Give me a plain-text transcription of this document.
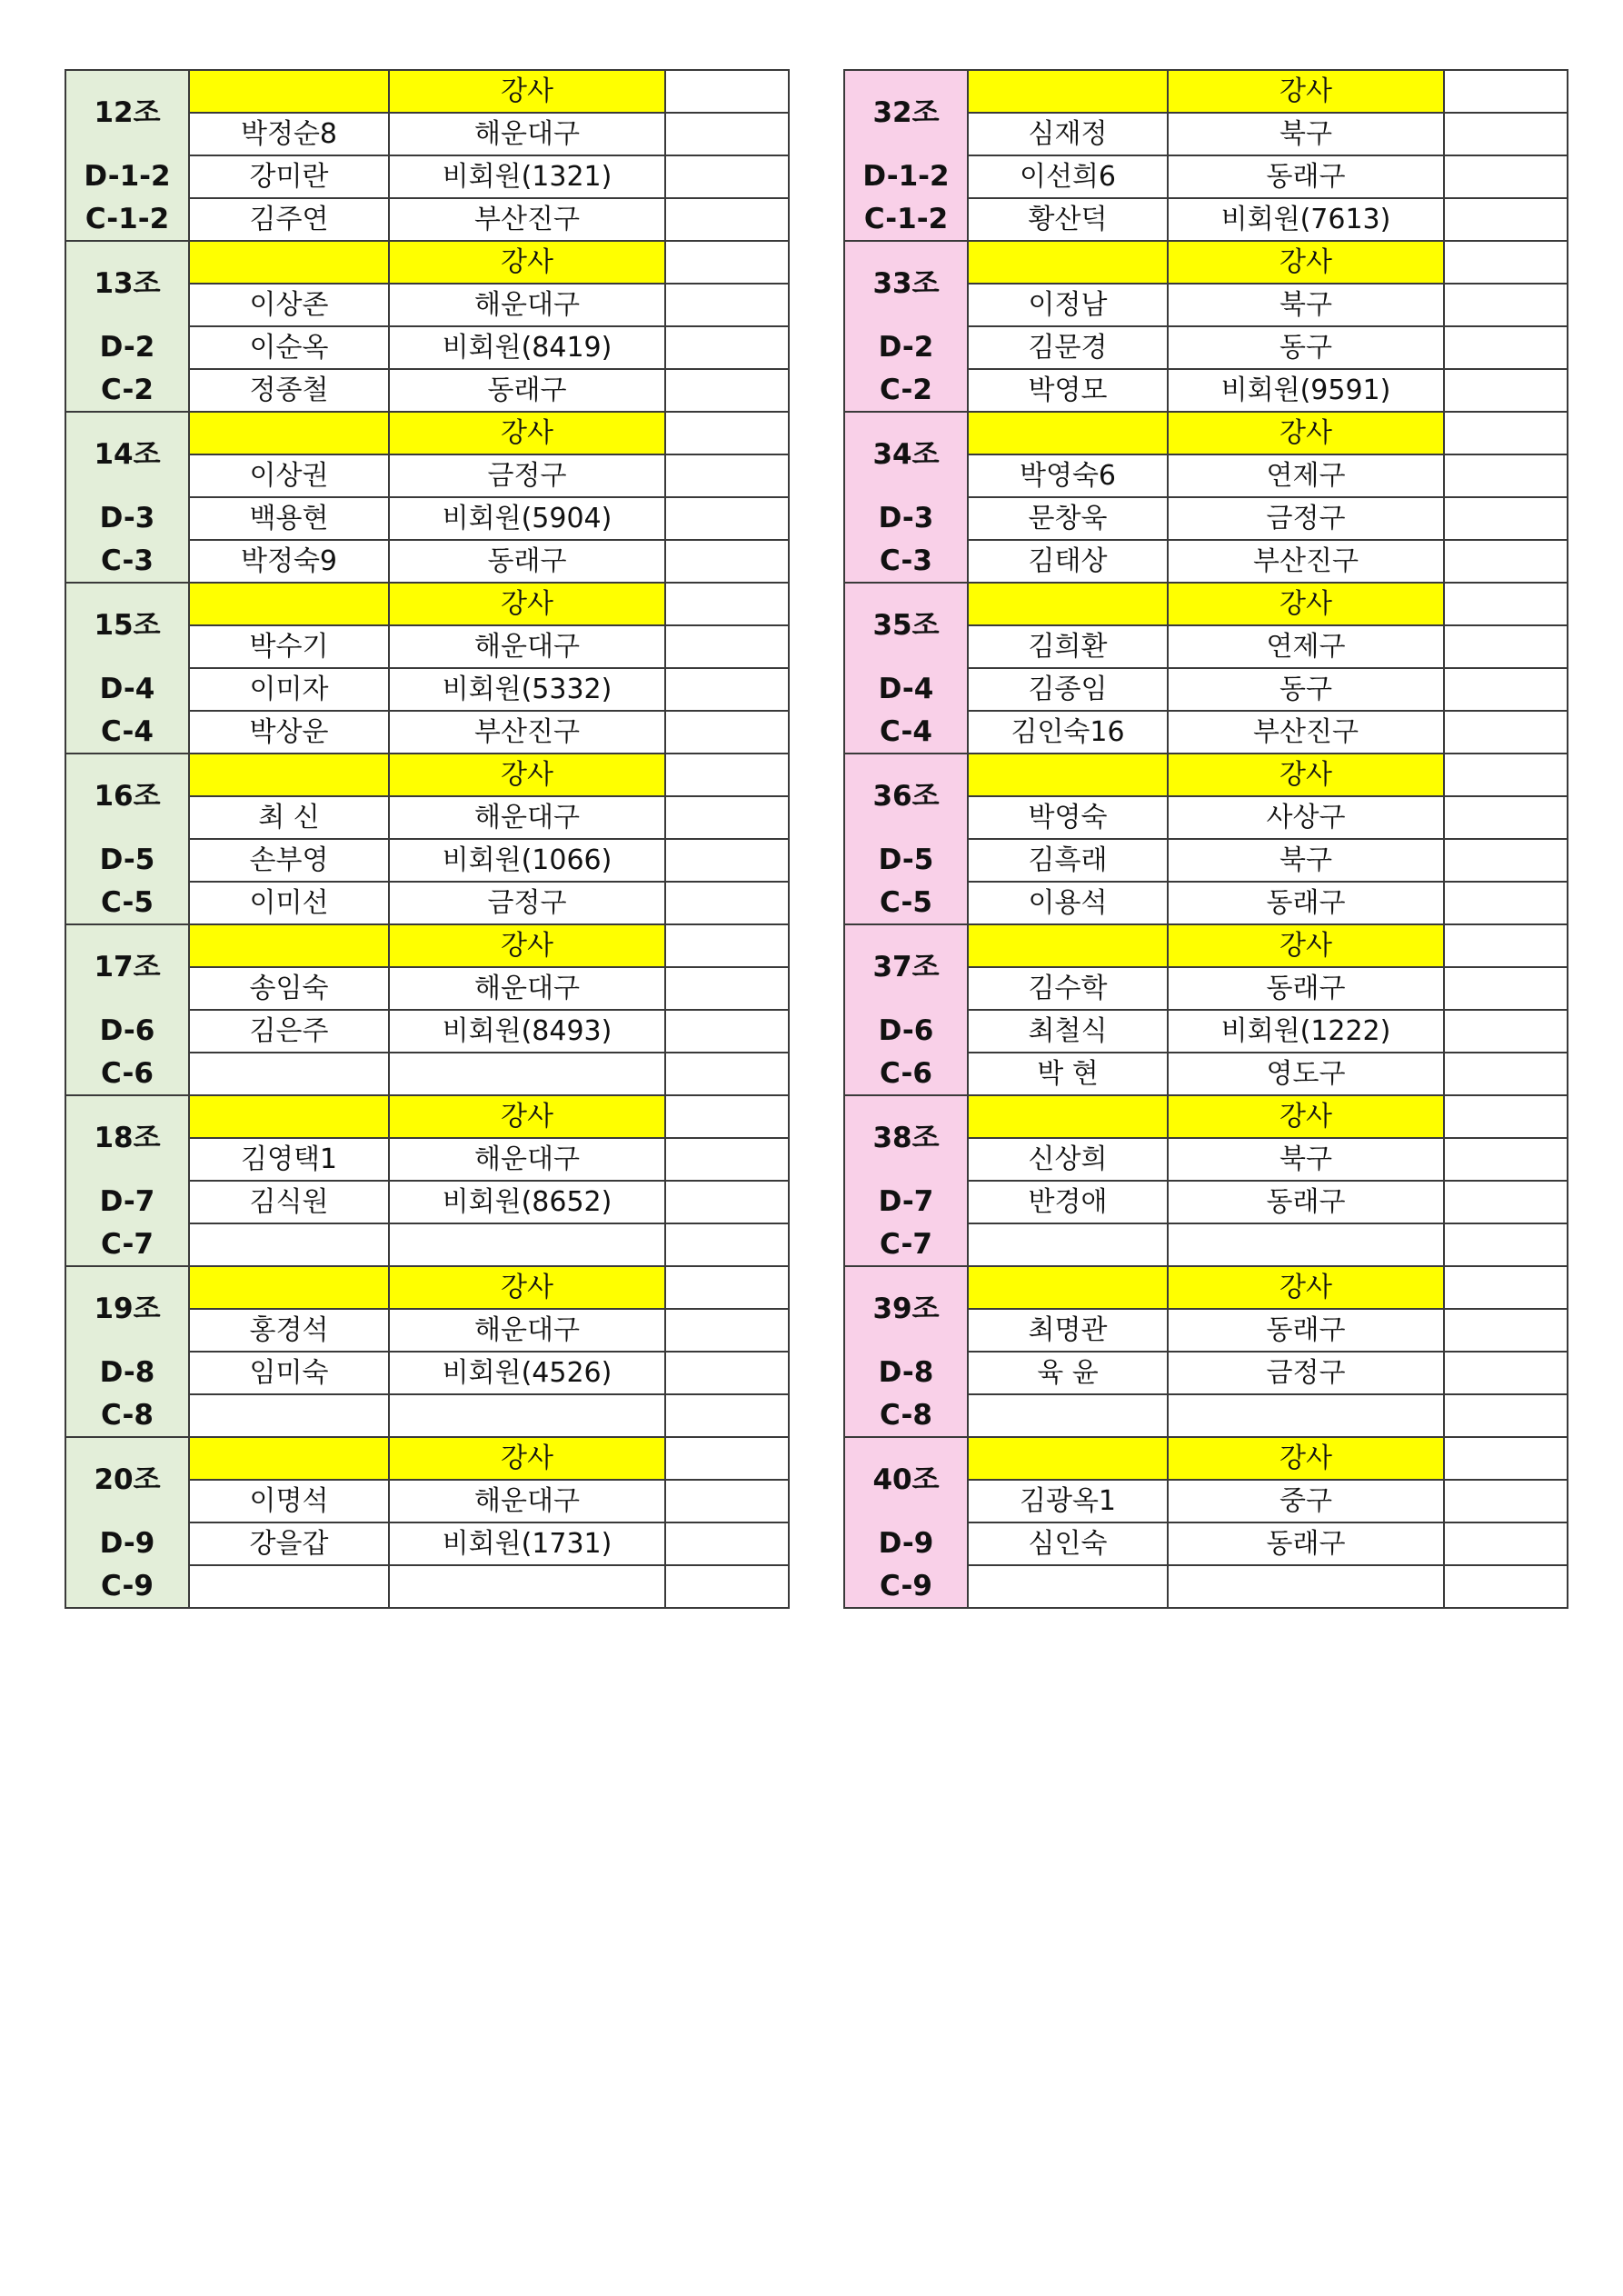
12조		강사	
	박정순8	해운대구	
D-1-2	강미란	비회원(1321)	
C-1-2	김주연	부산진구	
13조		강사	
	이상존	해운대구	
D-2	이순옥	비회원(8419)	
C-2	정종철	동래구	
14조		강사	
	이상권	금정구	
D-3	백용현	비회원(5904)	
C-3	박정숙9	동래구	
15조		강사	
	박수기	해운대구	
D-4	이미자	비회원(5332)	
C-4	박상운	부산진구	
16조		강사	
	최 신	해운대구	
D-5	손부영	비회원(1066)	
C-5	이미선	금정구	
17조		강사	
	송임숙	해운대구	
D-6	김은주	비회원(8493)	
C-6			
18조		강사	
	김영택1	해운대구	
D-7	김식원	비회원(8652)	
C-7			
19조		강사	
	홍경석	해운대구	
D-8	임미숙	비회원(4526)	
C-8			
20조		강사	
	이명석	해운대구	
D-9	강을갑	비회원(1731)	
C-9			
32조		강사	
	심재정	북구	
D-1-2	이선희6	동래구	
C-1-2	황산덕	비회원(7613)	
33조		강사	
	이정남	북구	
D-2	김문경	동구	
C-2	박영모	비회원(9591)	
34조		강사	
	박영숙6	연제구	
D-3	문창욱	금정구	
C-3	김태상	부산진구	
35조		강사	
	김희환	연제구	
D-4	김종임	동구	
C-4	김인숙16	부산진구	
36조		강사	
	박영숙	사상구	
D-5	김흑래	북구	
C-5	이용석	동래구	
37조		강사	
	김수학	동래구	
D-6	최철식	비회원(1222)	
C-6	박 현	영도구	
38조		강사	
	신상희	북구	
D-7	반경애	동래구	
C-7			
39조		강사	
	최명관	동래구	
D-8	육 윤	금정구	
C-8			
40조		강사	
	김광옥1	중구	
D-9	심인숙	동래구	
C-9			
